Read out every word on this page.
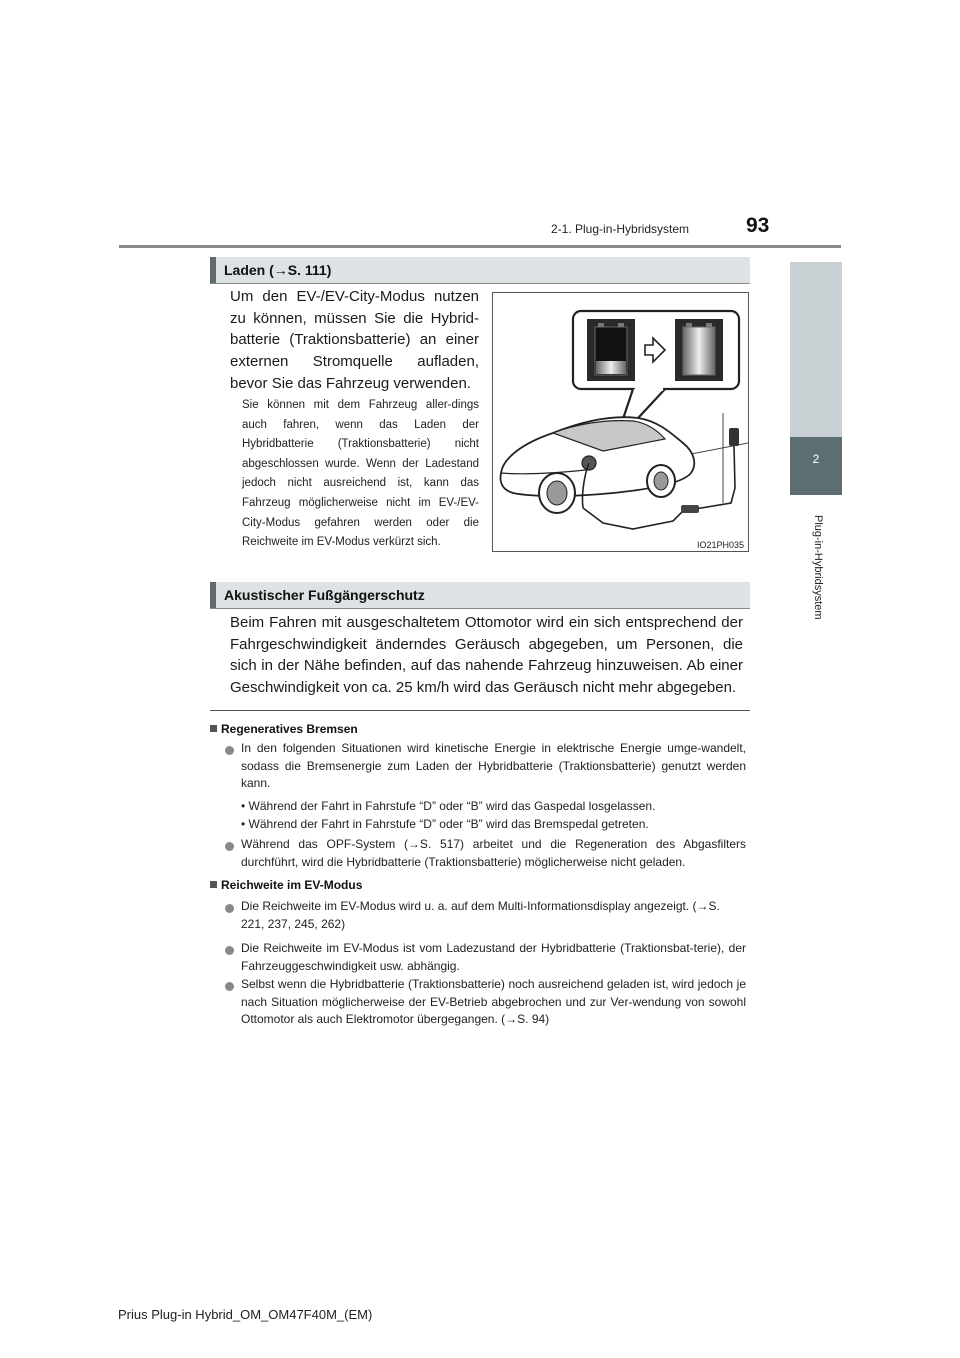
2-1. Plug-in-Hybridsystem	93
2
Plug-in-Hybridsystem
Laden (→S. 111)
Um den EV-/EV-City-Modus nutzen zu können, müssen Sie die Hybrid-batterie (Traktionsbatterie) an einer externen Stromquelle aufladen, bevor Sie das Fahrzeug verwenden.
Sie können mit dem Fahrzeug aller-dings auch fahren, wenn das Laden der Hybridbatterie (Traktionsbatterie) nicht abgeschlossen wurde. Wenn der Ladestand jedoch nicht ausreichend ist, kann das Fahrzeug möglicherweise nicht im EV-/EV-City-Modus gefahren werden oder die Reichweite im EV-Modus verkürzt sich.	IO21PH035
Akustischer Fußgängerschutz
Beim Fahren mit ausgeschaltetem Ottomotor wird ein sich entsprechend der Fahrgeschwindigkeit änderndes Geräusch abgegeben, um Personen, die sich in der Nähe befinden, auf das nahende Fahrzeug hinzuweisen. Ab einer Geschwindigkeit von ca. 25 km/h wird das Geräusch nicht mehr abgegeben.
Regeneratives Bremsen
In den folgenden Situationen wird kinetische Energie in elektrische Energie umge-wandelt, sodass die Bremsenergie zum Laden der Hybridbatterie (Traktionsbatterie) genutzt werden kann.
• Während der Fahrt in Fahrstufe “D” oder “B” wird das Gaspedal losgelassen.
• Während der Fahrt in Fahrstufe “D” oder “B” wird das Bremspedal getreten.
Während das OPF-System (→S. 517) arbeitet und die Regeneration des Abgasfilters durchführt, wird die Hybridbatterie (Traktionsbatterie) möglicherweise nicht geladen.
Reichweite im EV-Modus
Die Reichweite im EV-Modus wird u. a. auf dem Multi-Informationsdisplay angezeigt. (→S. 221, 237, 245, 262)
Die Reichweite im EV-Modus ist vom Ladezustand der Hybridbatterie (Traktionsbat-terie), der Fahrzeuggeschwindigkeit usw. abhängig.
Selbst wenn die Hybridbatterie (Traktionsbatterie) noch ausreichend geladen ist, wird jedoch je nach Situation möglicherweise der EV-Betrieb abgebrochen und zur Ver-wendung von sowohl Ottomotor als auch Elektromotor übergegangen. (→S. 94)
Prius Plug-in Hybrid_OM_OM47F40M_(EM)
